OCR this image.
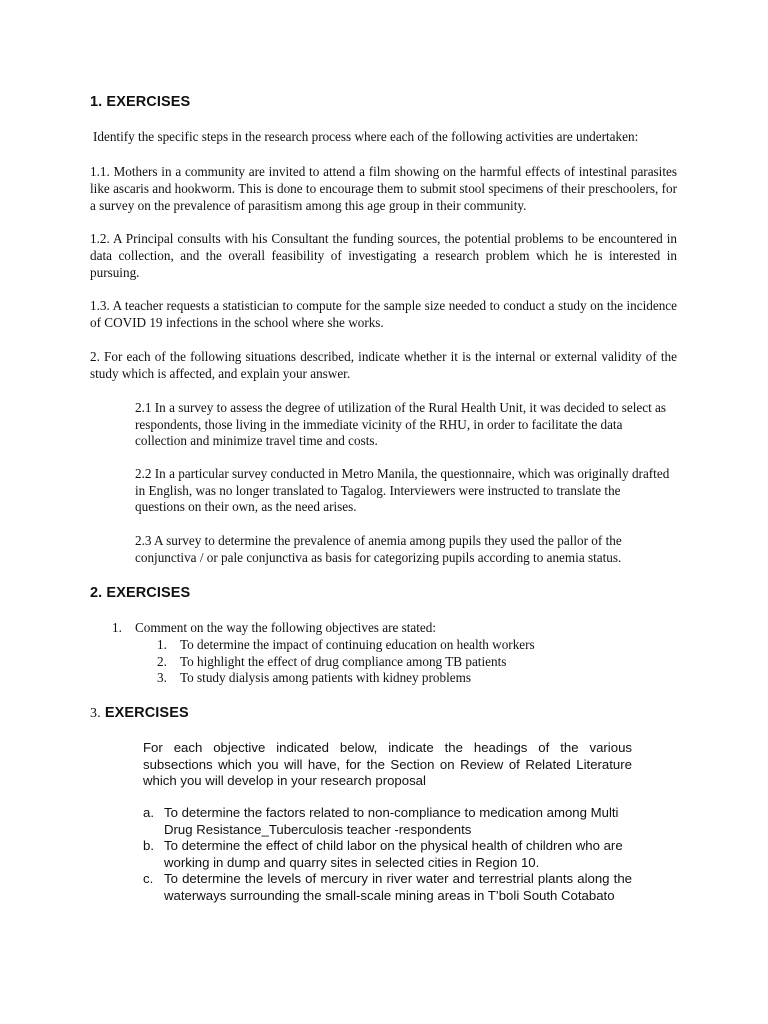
1. EXERCISES
Identify the specific steps in the research process where each of the following activities are undertaken:
1.1. Mothers in a community are invited to attend a film showing on the harmful effects of intestinal parasites like ascaris and hookworm. This is done to encourage them to submit stool specimens of their preschoolers, for a survey on the prevalence of parasitism among this age group in their community.
1.2. A Principal consults with his Consultant the funding sources, the potential problems to be encountered in data collection, and the overall feasibility of investigating a research problem which he is interested in pursuing.
1.3. A teacher requests a statistician to compute for the sample size needed to conduct a study on the incidence of COVID 19 infections in the school where she works.
2. For each of the following situations described, indicate whether it is the internal or external validity of the study which is affected, and explain your answer.
2.1 In a survey to assess the degree of utilization of the Rural Health Unit, it was decided to select as respondents, those living in the immediate vicinity of the RHU, in order to facilitate the data collection and minimize travel time and costs.
2.2 In a particular survey conducted in Metro Manila, the questionnaire, which was originally drafted in English, was no longer translated to Tagalog. Interviewers were instructed to translate the questions on their own, as the need arises.
2.3 A survey to determine the prevalence of anemia among pupils they used the pallor of the conjunctiva / or pale conjunctiva as basis for categorizing pupils according to anemia status.
2. EXERCISES
1. Comment on the way the following objectives are stated:
1. To determine the impact of continuing education on health workers
2. To highlight the effect of drug compliance among TB patients
3. To study dialysis among patients with kidney problems
3. EXERCISES
For each objective indicated below, indicate the headings of the various subsections which you will have, for the Section on Review of Related Literature which you will develop in your research proposal
a. To determine the factors related to non-compliance to medication among Multi Drug Resistance_Tuberculosis teacher -respondents
b. To determine the effect of child labor on the physical health of children who are working in dump and quarry sites in selected cities in Region 10.
c. To determine the levels of mercury in river water and terrestrial plants along the waterways surrounding the small-scale mining areas in T’boli South Cotabato
